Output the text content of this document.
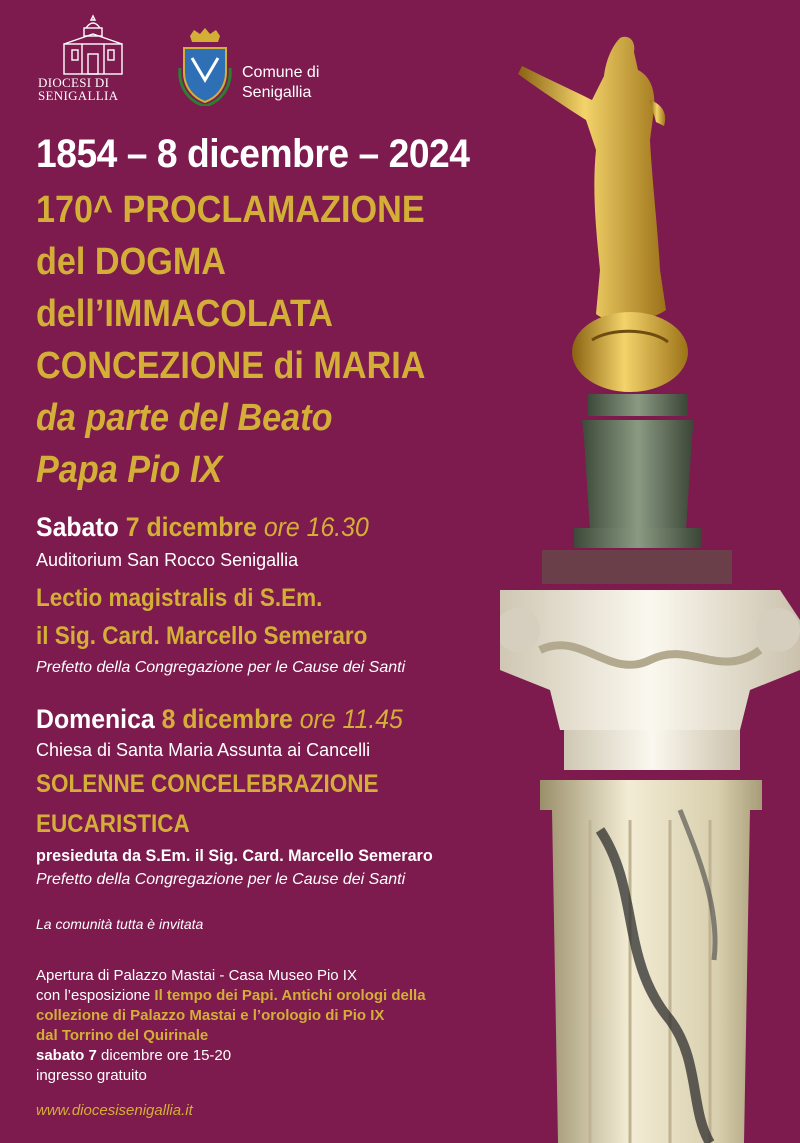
DIOCESI DI
SENIGALLIA
Comune di
Senigallia
1854 – 8 dicembre – 2024
170^ PROCLAMAZIONE
del DOGMA
dell’IMMACOLATA
CONCEZIONE di MARIA
da parte del Beato
Papa Pio IX
Sabato 7 dicembre ore 16.30
Auditorium San Rocco Senigallia
Lectio magistralis di S.Em.
il Sig. Card. Marcello Semeraro
Prefetto della Congregazione per le Cause dei Santi
Domenica 8 dicembre ore 11.45
Chiesa di Santa Maria Assunta ai Cancelli
SOLENNE CONCELEBRAZIONE
EUCARISTICA
presieduta da S.Em. il Sig. Card. Marcello Semeraro
Prefetto della Congregazione per le Cause dei Santi
La comunità tutta è invitata
Apertura di Palazzo Mastai - Casa Museo Pio IX
con l’esposizione Il tempo dei Papi. Antichi orologi della
collezione di Palazzo Mastai e l’orologio di Pio IX
dal Torrino del Quirinale
sabato 7 dicembre ore 15-20
ingresso gratuito
www.diocesisenigallia.it
